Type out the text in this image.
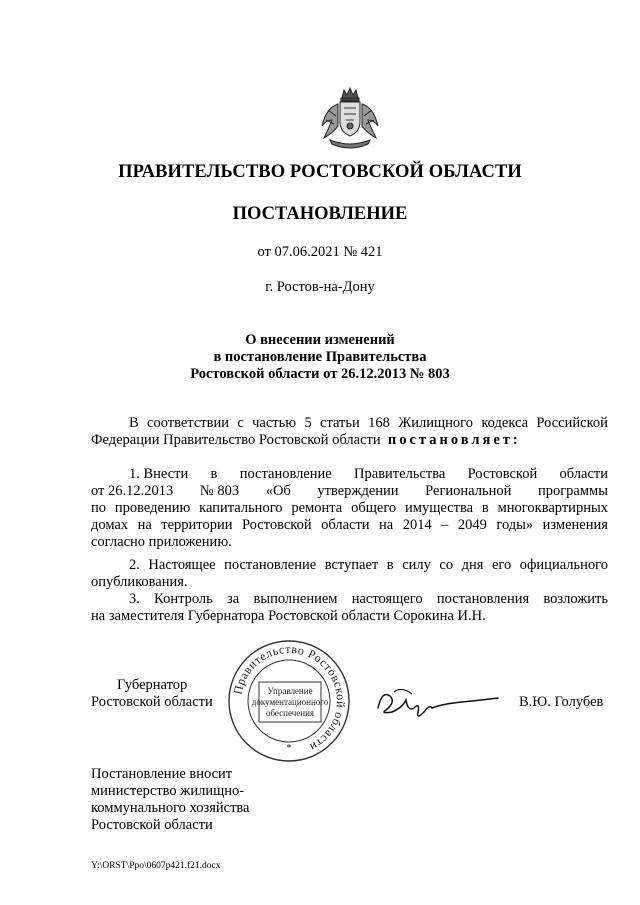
ПРАВИТЕЛЬСТВО РОСТОВСКОЙ ОБЛАСТИ
ПОСТАНОВЛЕНИЕ
от 07.06.2021 № 421
г. Ростов-на-Дону
О внесении изменений
в постановление Правительства
Ростовской области от 26.12.2013 № 803
В соответствии с частью 5 статьи 168 Жилищного кодекса Российской
Федерации Правительство Ростовской области
постановляет:
1. Внести в постановление Правительства Ростовской области
от 26.12.2013 № 803 «Об утверждении Региональной программы
по проведению капитального ремонта общего имущества в многоквартирных
домах на территории Ростовской области на 2014 – 2049 годы» изменения
согласно приложению.
2. Настоящее постановление вступает в силу со дня его официального
опубликования.
3. Контроль за выполнением настоящего постановления возложить
на заместителя Губернатора Ростовской области Сорокина И.Н.
Губернатор
Ростовской области
Правительство Ростовской области
Управление
документационного
обеспечения
*
В.Ю. Голубев
Постановление вносит
министерство жилищно-
коммунального хозяйства
Ростовской области
Y:\ORST\Ppo\0607p421.f21.docx
